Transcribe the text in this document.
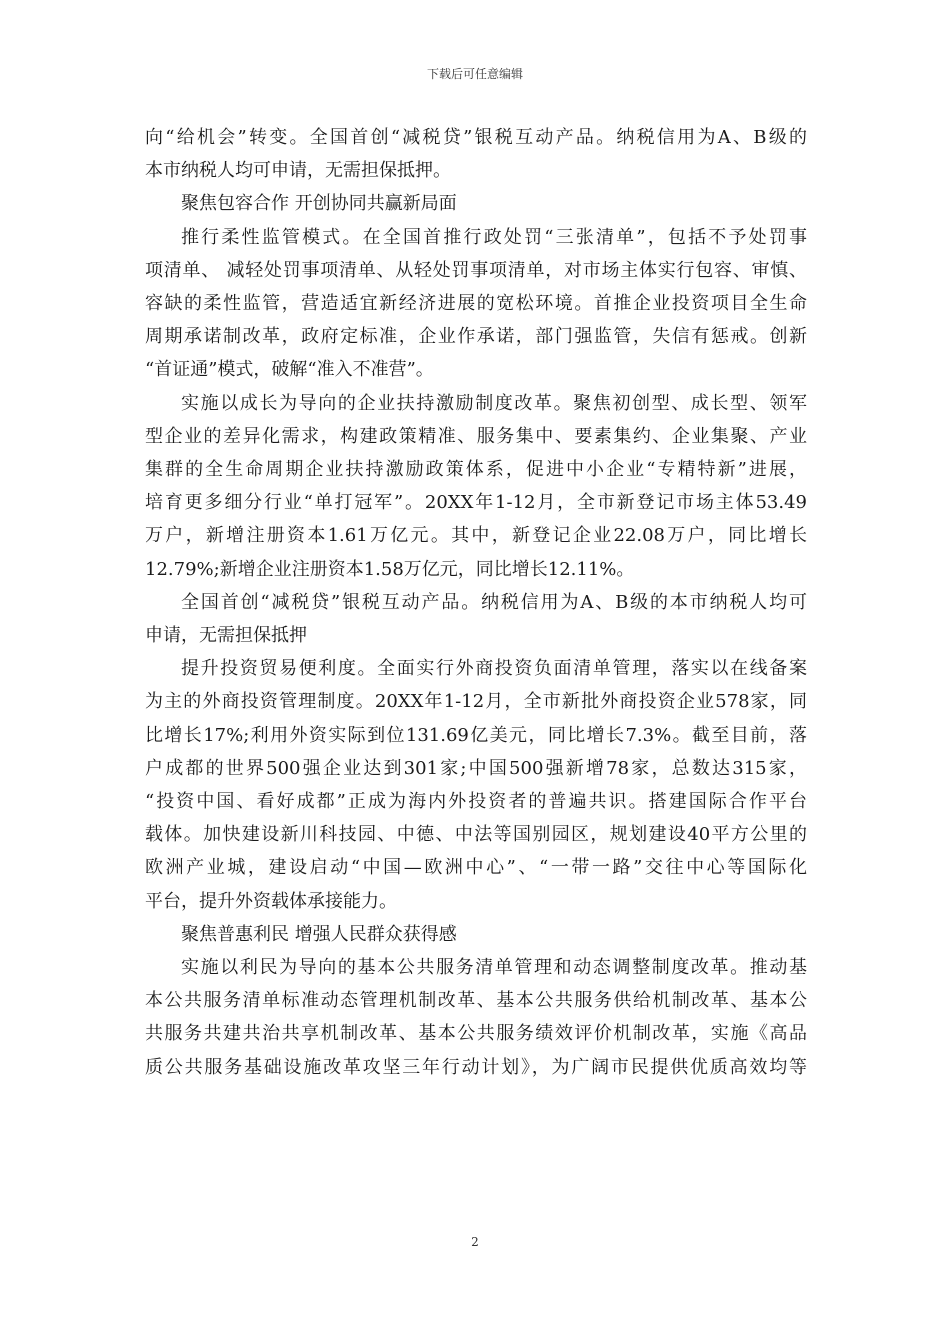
下载后可任意编辑

向“给机会”转变。全国首创“减税贷”银税互动产品。纳税信用为A、B级的
本市纳税人均可申请，无需担保抵押。

聚焦包容合作 开创协同共赢新局面

推行柔性监管模式。在全国首推行政处罚“三张清单”，包括不予处罚事
项清单、 减轻处罚事项清单、从轻处罚事项清单，对市场主体实行包容、审慎、
容缺的柔性监管，营造适宜新经济进展的宽松环境。首推企业投资项目全生命
周期承诺制改革，政府定标准，企业作承诺，部门强监管，失信有惩戒。创新
“首证通”模式，破解“准入不准营”。

实施以成长为导向的企业扶持激励制度改革。聚焦初创型、成长型、领军
型企业的差异化需求，构建政策精准、服务集中、要素集约、企业集聚、产业
集群的全生命周期企业扶持激励政策体系，促进中小企业“专精特新”进展，
培育更多细分行业“单打冠军”。20XX年1-12月，全市新登记市场主体53.49
万户，新增注册资本1.61万亿元。其中，新登记企业22.08万户，同比增长
12.79%;新增企业注册资本1.58万亿元，同比增长12.11%。

全国首创“减税贷”银税互动产品。纳税信用为A、B级的本市纳税人均可
申请，无需担保抵押

提升投资贸易便利度。全面实行外商投资负面清单管理，落实以在线备案
为主的外商投资管理制度。20XX年1-12月，全市新批外商投资企业578家，同
比增长17%;利用外资实际到位131.69亿美元，同比增长7.3%。截至目前，落
户成都的世界500强企业达到301家;中国500强新增78家，总数达315家，
“投资中国、看好成都”正成为海内外投资者的普遍共识。搭建国际合作平台
载体。加快建设新川科技园、中德、中法等国别园区，规划建设40平方公里的
欧洲产业城，建设启动“中国—欧洲中心”、“一带一路”交往中心等国际化
平台，提升外资载体承接能力。

聚焦普惠利民 增强人民群众获得感

实施以利民为导向的基本公共服务清单管理和动态调整制度改革。推动基
本公共服务清单标准动态管理机制改革、基本公共服务供给机制改革、基本公
共服务共建共治共享机制改革、基本公共服务绩效评价机制改革，实施《高品
质公共服务基础设施改革攻坚三年行动计划》，为广阔市民提供优质高效均等

2
